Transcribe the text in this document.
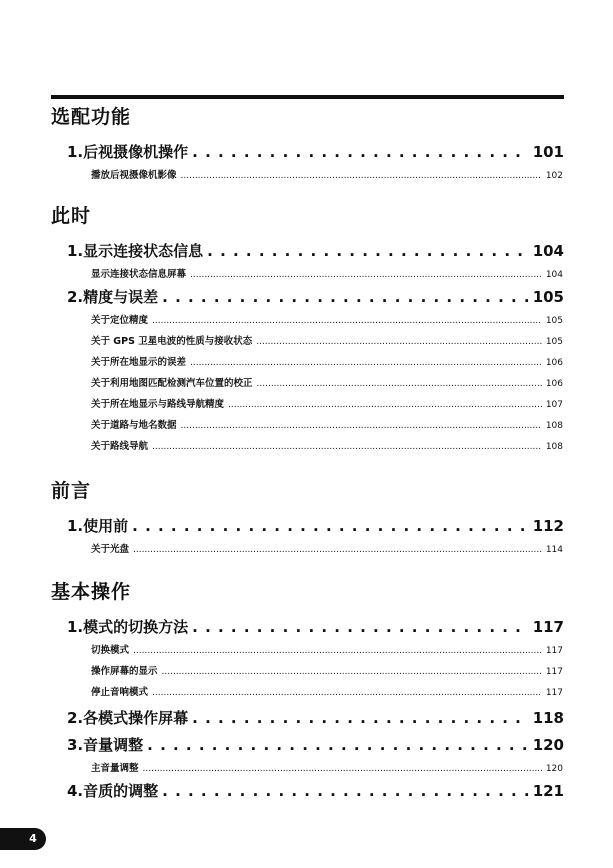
选配功能
1. 后视摄像机操作 . . .	101
播放后视摄像机影像 .....	102
此时
1. 显示连接状态信息 . . .	104
显示连接状态信息屏幕 .....	104
2. 精度与误差 . . .	105
关于定位精度 .....	105
关于 GPS 卫星电波的性质与接收状态 .....	105
关于所在地显示的误差 .....	106
关于利用地图匹配检测汽车位置的校正 .....	106
关于所在地显示与路线导航精度 .....	107
关于道路与地名数据 .....	108
关于路线导航 .....	108
前言
1. 使用前 . . .	112
关于光盘 .....	114
基本操作
1. 模式的切换方法 . . .	117
切换模式 .....	117
操作屏幕的显示 .....	117
停止音响模式 .....	117
2. 各模式操作屏幕 . . .	118
3. 音量调整 . . .	120
主音量调整 .....	120
4. 音质的调整 . . .	121
4
